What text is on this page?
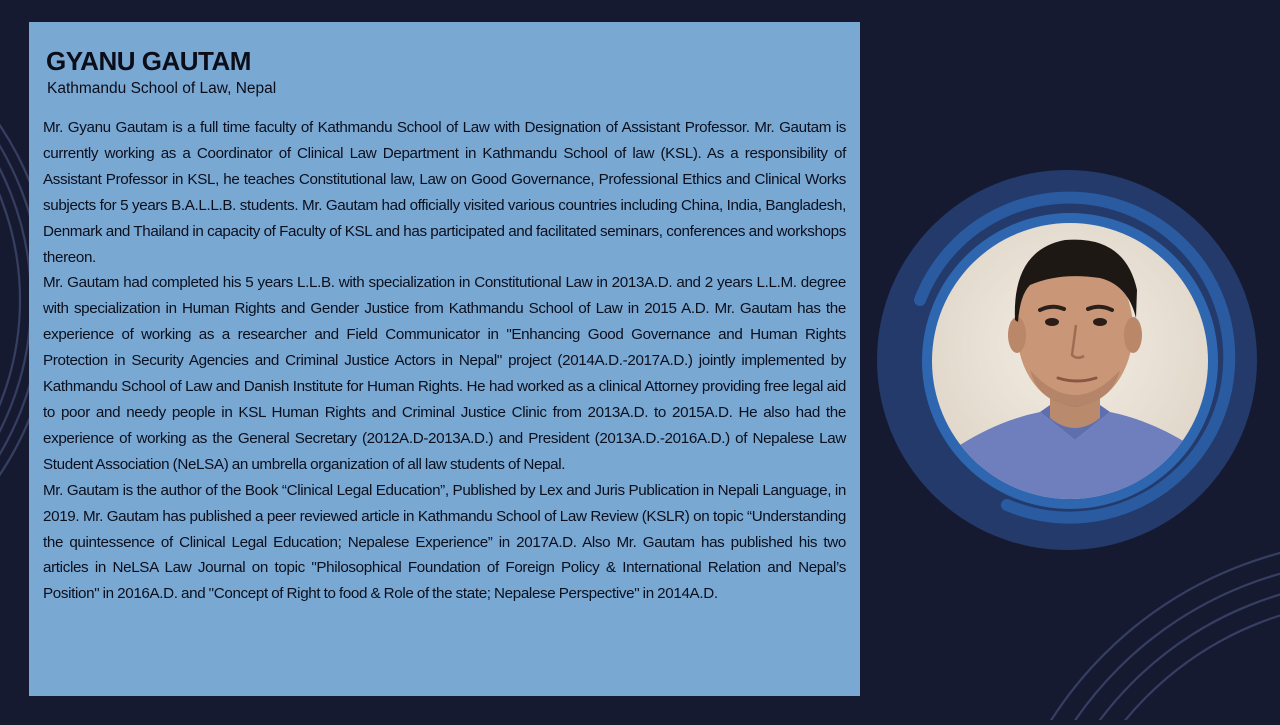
GYANU GAUTAM
Kathmandu School of Law, Nepal

Mr. Gyanu Gautam is a full time faculty of Kathmandu School of Law with Designation of Assistant Professor. Mr. Gautam is currently working as a Coordinator of Clinical Law Department in Kathmandu School of law (KSL). As a responsibility of Assistant Professor in KSL, he teaches Constitutional law, Law on Good Governance, Professional Ethics and Clinical Works subjects for 5 years B.A.L.L.B. students. Mr. Gautam had officially visited various countries including China, India, Bangladesh, Denmark and Thailand in capacity of Faculty of KSL and has participated and facilitated seminars, conferences and workshops thereon.

Mr. Gautam had completed his 5 years L.L.B. with specialization in Constitutional Law in 2013A.D. and 2 years L.L.M. degree with specialization in Human Rights and Gender Justice from Kathmandu School of Law in 2015 A.D. Mr. Gautam has the experience of working as a researcher and Field Communicator in "Enhancing Good Governance and Human Rights Protection in Security Agencies and Criminal Justice Actors in Nepal" project (2014A.D.-2017A.D.) jointly implemented by Kathmandu School of Law and Danish Institute for Human Rights. He had worked as a clinical Attorney providing free legal aid to poor and needy people in KSL Human Rights and Criminal Justice Clinic from 2013A.D. to 2015A.D. He also had the experience of working as the General Secretary (2012A.D-2013A.D.) and President (2013A.D.-2016A.D.) of Nepalese Law Student Association (NeLSA) an umbrella organization of all law students of Nepal.

Mr. Gautam is the author of the Book “Clinical Legal Education”, Published by Lex and Juris Publication in Nepali Language, in 2019. Mr. Gautam has published a peer reviewed article in Kathmandu School of Law Review (KSLR) on topic “Understanding the quintessence of Clinical Legal Education; Nepalese Experience” in 2017A.D. Also Mr. Gautam has published his two articles in NeLSA Law Journal on topic "Philosophical Foundation of Foreign Policy & International Relation and Nepal’s Position" in 2016A.D. and "Concept of Right to food & Role of the state; Nepalese Perspective" in 2014A.D.
